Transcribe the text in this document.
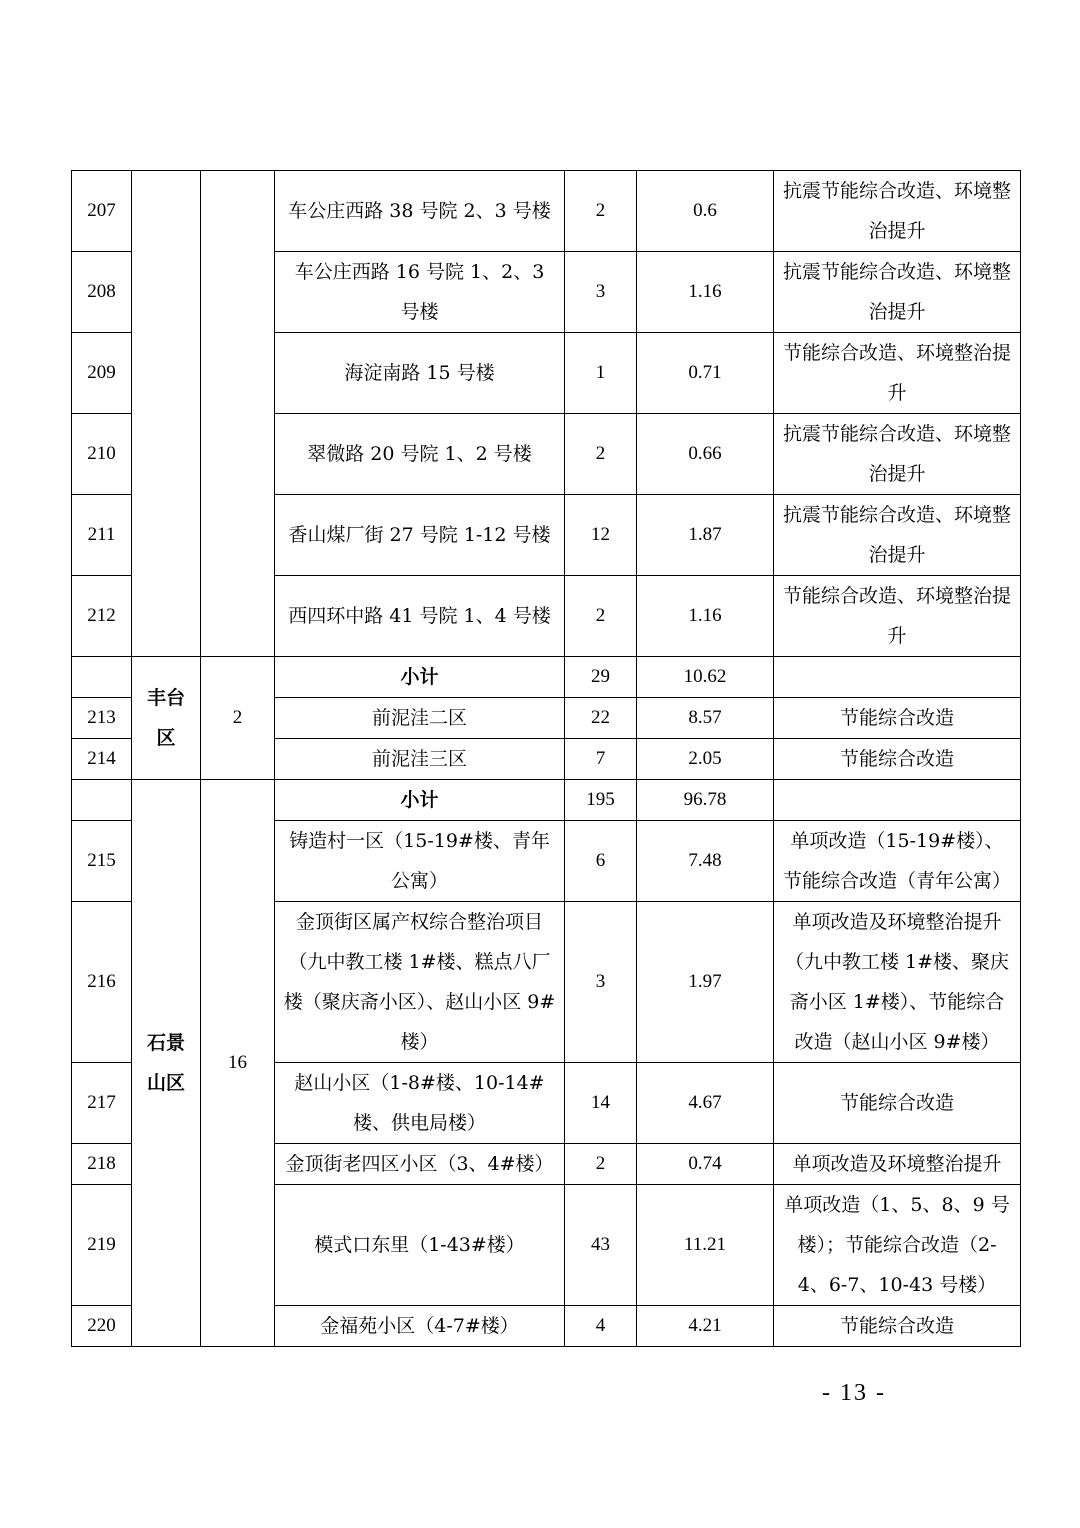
207			车公庄西路 38 号院 2、3 号楼	2	0.6	抗震节能综合改造、环境整治提升
208			车公庄西路 16 号院 1、2、3 号楼	3	1.16	抗震节能综合改造、环境整治提升
209			海淀南路 15 号楼	1	0.71	节能综合改造、环境整治提升
210			翠微路 20 号院 1、2 号楼	2	0.66	抗震节能综合改造、环境整治提升
211			香山煤厂街 27 号院 1-12 号楼	12	1.87	抗震节能综合改造、环境整治提升
212			西四环中路 41 号院 1、4 号楼	2	1.16	节能综合改造、环境整治提升
	丰台区	2	小计	29	10.62	
213			前泥洼二区	22	8.57	节能综合改造
214			前泥洼三区	7	2.05	节能综合改造
	石景山区	16	小计	195	96.78	
215			铸造村一区（15-19#楼、青年公寓）	6	7.48	单项改造（15-19#楼）、节能综合改造（青年公寓）
216			金顶街区属产权综合整治项目（九中教工楼 1#楼、糕点八厂楼（聚庆斋小区）、赵山小区 9#楼）	3	1.97	单项改造及环境整治提升（九中教工楼 1#楼、聚庆斋小区 1#楼）、节能综合改造（赵山小区 9#楼）
217			赵山小区（1-8#楼、10-14#楼、供电局楼）	14	4.67	节能综合改造
218			金顶街老四区小区（3、4#楼）	2	0.74	单项改造及环境整治提升
219			模式口东里（1-43#楼）	43	11.21	单项改造（1、5、8、9 号楼）；节能综合改造（2-4、6-7、10-43 号楼）
220			金福苑小区（4-7#楼）	4	4.21	节能综合改造
- 13 -
